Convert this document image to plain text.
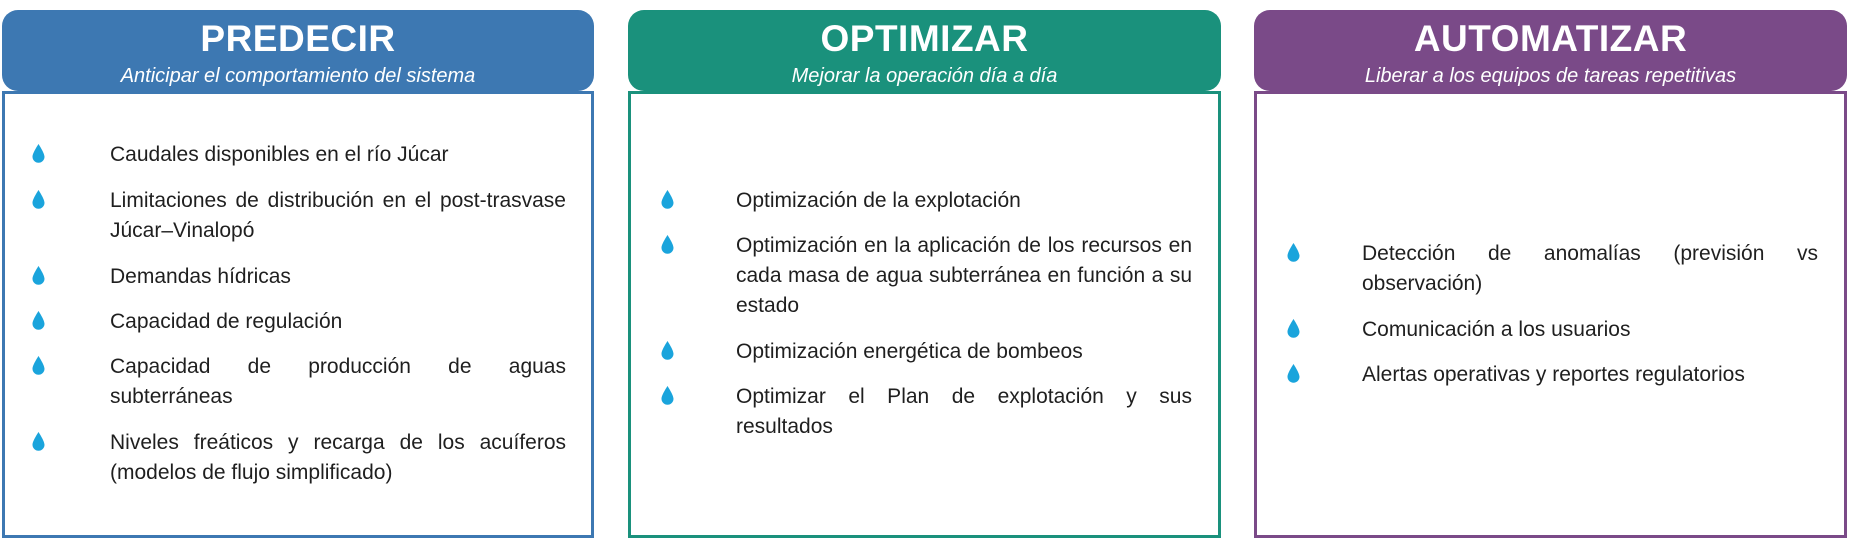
PREDECIR
Anticipar el comportamiento del sistema
Caudales disponibles en el río Júcar
Limitaciones de distribución en el post-trasvase Júcar–Vinalopó
Demandas hídricas
Capacidad de regulación
Capacidad de producción de aguas subterráneas
Niveles freáticos y recarga de los acuíferos (modelos de flujo simplificado)
OPTIMIZAR
Mejorar la operación día a día
Optimización de la explotación
Optimización en la aplicación de los recursos en cada masa de agua subterránea en función a su estado
Optimización energética de bombeos
Optimizar el Plan de explotación y sus resultados
AUTOMATIZAR
Liberar a los equipos de tareas repetitivas
Detección de anomalías (previsión vs observación)
Comunicación a los usuarios
Alertas operativas y reportes regulatorios
